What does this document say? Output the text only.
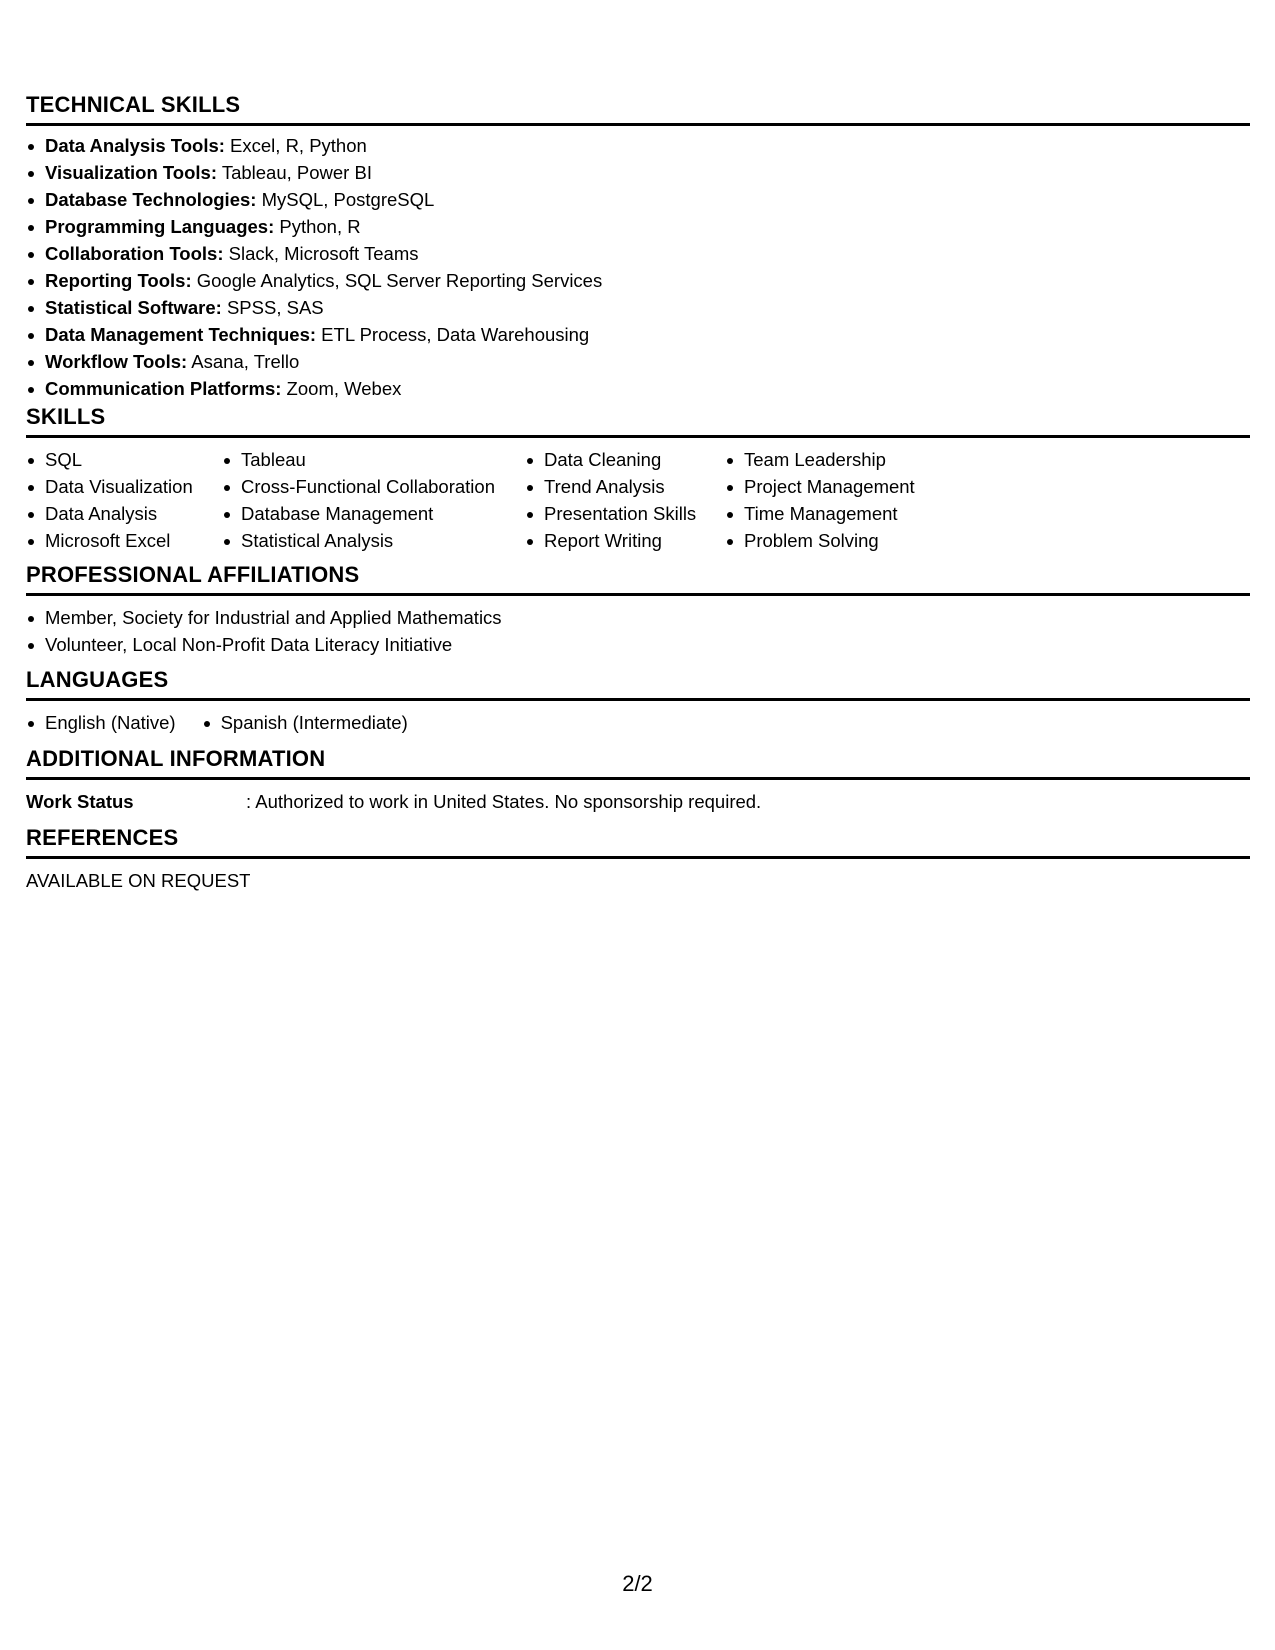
TECHNICAL SKILLS
Data Analysis Tools: Excel, R, Python
Visualization Tools: Tableau, Power BI
Database Technologies: MySQL, PostgreSQL
Programming Languages: Python, R
Collaboration Tools: Slack, Microsoft Teams
Reporting Tools: Google Analytics, SQL Server Reporting Services
Statistical Software: SPSS, SAS
Data Management Techniques: ETL Process, Data Warehousing
Workflow Tools: Asana, Trello
Communication Platforms: Zoom, Webex
SKILLS
SQL
Data Visualization
Data Analysis
Microsoft Excel
Tableau
Cross-Functional Collaboration
Database Management
Statistical Analysis
Data Cleaning
Trend Analysis
Presentation Skills
Report Writing
Team Leadership
Project Management
Time Management
Problem Solving
PROFESSIONAL AFFILIATIONS
Member, Society for Industrial and Applied Mathematics
Volunteer, Local Non-Profit Data Literacy Initiative
LANGUAGES
English (Native)	Spanish (Intermediate)
ADDITIONAL INFORMATION
Work Status	: Authorized to work in United States. No sponsorship required.
REFERENCES
AVAILABLE ON REQUEST
2/2
